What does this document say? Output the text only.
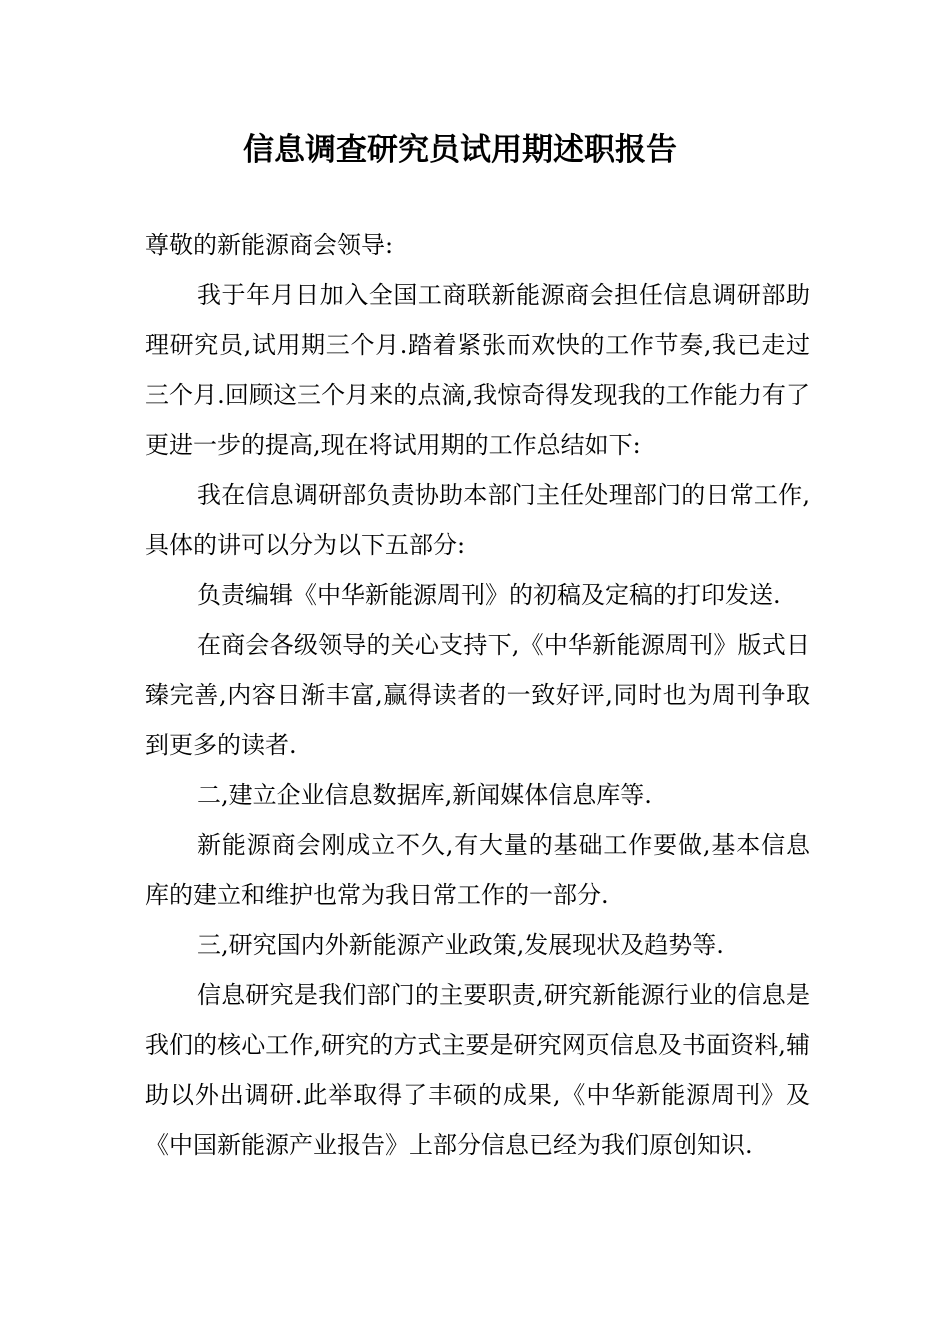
信息调查研究员试用期述职报告

尊敬的新能源商会领导:

我于年月日加入全国工商联新能源商会担任信息调研部助理研究员,试用期三个月.踏着紧张而欢快的工作节奏,我已走过三个月.回顾这三个月来的点滴,我惊奇得发现我的工作能力有了更进一步的提高,现在将试用期的工作总结如下:

我在信息调研部负责协助本部门主任处理部门的日常工作,具体的讲可以分为以下五部分:

负责编辑《中华新能源周刊》的初稿及定稿的打印发送.

在商会各级领导的关心支持下,《中华新能源周刊》版式日臻完善,内容日渐丰富,赢得读者的一致好评,同时也为周刊争取到更多的读者.

二,建立企业信息数据库,新闻媒体信息库等.

新能源商会刚成立不久,有大量的基础工作要做,基本信息库的建立和维护也常为我日常工作的一部分.

三,研究国内外新能源产业政策,发展现状及趋势等.

信息研究是我们部门的主要职责,研究新能源行业的信息是我们的核心工作,研究的方式主要是研究网页信息及书面资料,辅助以外出调研.此举取得了丰硕的成果,《中华新能源周刊》及《中国新能源产业报告》上部分信息已经为我们原创知识.
